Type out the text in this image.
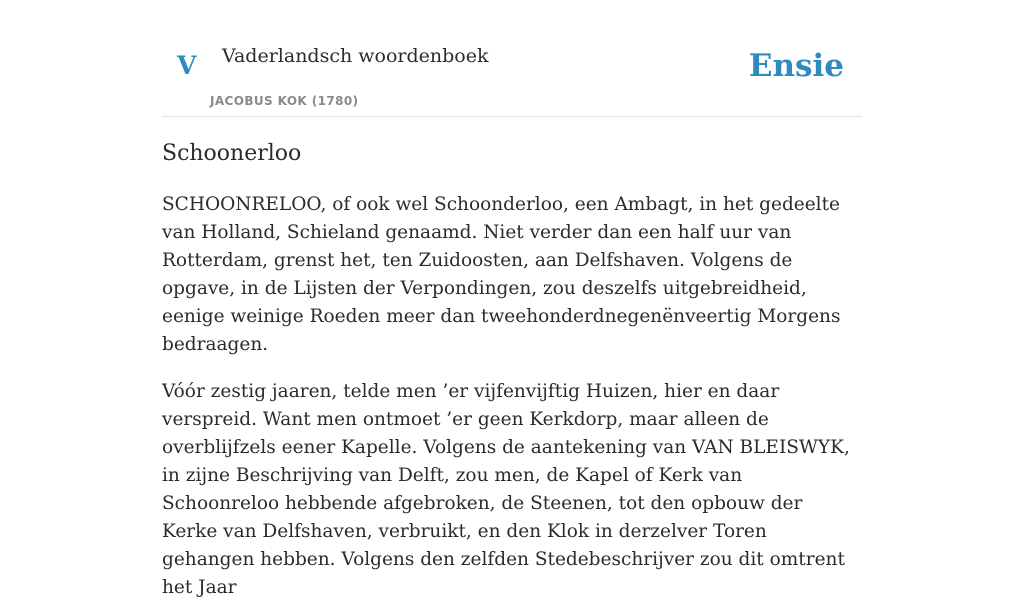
V Vaderlandsch woordenboek
JACOBUS KOK (1780)
Ensie
Schoonerloo

SCHOONRELOO, of ook wel Schoonderloo, een Ambagt, in het gedeelte van Holland, Schieland genaamd. Niet verder dan een half uur van Rotterdam, grenst het, ten Zuidoosten, aan Delfshaven. Volgens de opgave, in de Lijsten der Verpondingen, zou deszelfs uitgebreidheid, eenige weinige Roeden meer dan tweehonderdnegenënveertig Morgens bedraagen.

Vóór zestig jaaren, telde men ’er vijfenvijftig Huizen, hier en daar verspreid. Want men ontmoet ’er geen Kerkdorp, maar alleen de overblijfzels eener Kapelle. Volgens de aantekening van VAN BLEISWYK, in zijne Beschrijving van Delft, zou men, de Kapel of Kerk van Schoonreloo hebbende afgebroken, de Steenen, tot den opbouw der Kerke van Delfshaven, verbruikt, en den Klok in derzelver Toren gehangen hebben. Volgens den zelfden Stedebeschrijver zou dit omtrent het Jaar
